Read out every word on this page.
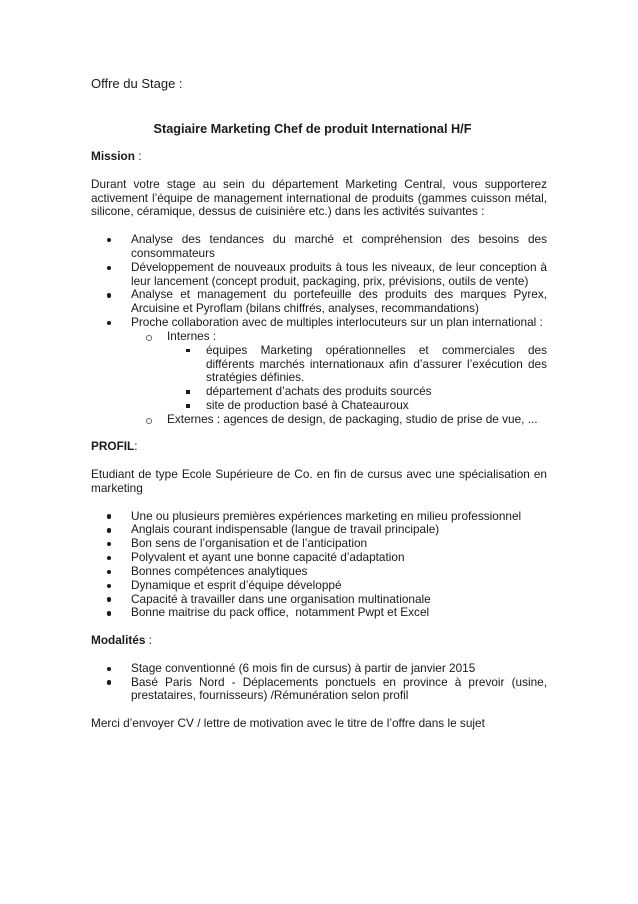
Offre du Stage :
Stagiaire Marketing Chef de produit International H/F
Mission :
Durant votre stage au sein du département Marketing Central, vous supporterez
activement l’équipe de management international de produits (gammes cuisson métal,
silicone, céramique, dessus de cuisinière etc.) dans les activités suivantes :
Analyse des tendances du marché et compréhension des besoins des
consommateurs
Développement de nouveaux produits à tous les niveaux, de leur conception à
leur lancement (concept produit, packaging, prix, prévisions, outils de vente)
Analyse et management du portefeuille des produits des marques Pyrex,
Arcuisine et Pyroflam (bilans chiffrés, analyses, recommandations)
Proche collaboration avec de multiples interlocuteurs sur un plan international :
Internes :
équipes Marketing opérationnelles et commerciales des
différents marchés internationaux afin d’assurer l’exécution des
stratégies définies.
département d’achats des produits sourcés
site de production basé à Chateauroux
Externes : agences de design, de packaging, studio de prise de vue, ...
PROFIL:
Etudiant de type Ecole Supérieure de Co. en fin de cursus avec une spécialisation en
marketing
Une ou plusieurs premières expériences marketing en milieu professionnel
Anglais courant indispensable (langue de travail principale)
Bon sens de l’organisation et de l’anticipation
Polyvalent et ayant une bonne capacité d’adaptation
Bonnes compétences analytiques
Dynamique et esprit d’équipe développé
Capacité à travailler dans une organisation multinationale
Bonne maitrise du pack office,  notamment Pwpt et Excel
Modalités :
Stage conventionné (6 mois fin de cursus) à partir de janvier 2015
Basé Paris Nord - Déplacements ponctuels en province à prevoir (usine,
prestataires, fournisseurs) /Rémunération selon profil
Merci d’envoyer CV / lettre de motivation avec le titre de l’offre dans le sujet
